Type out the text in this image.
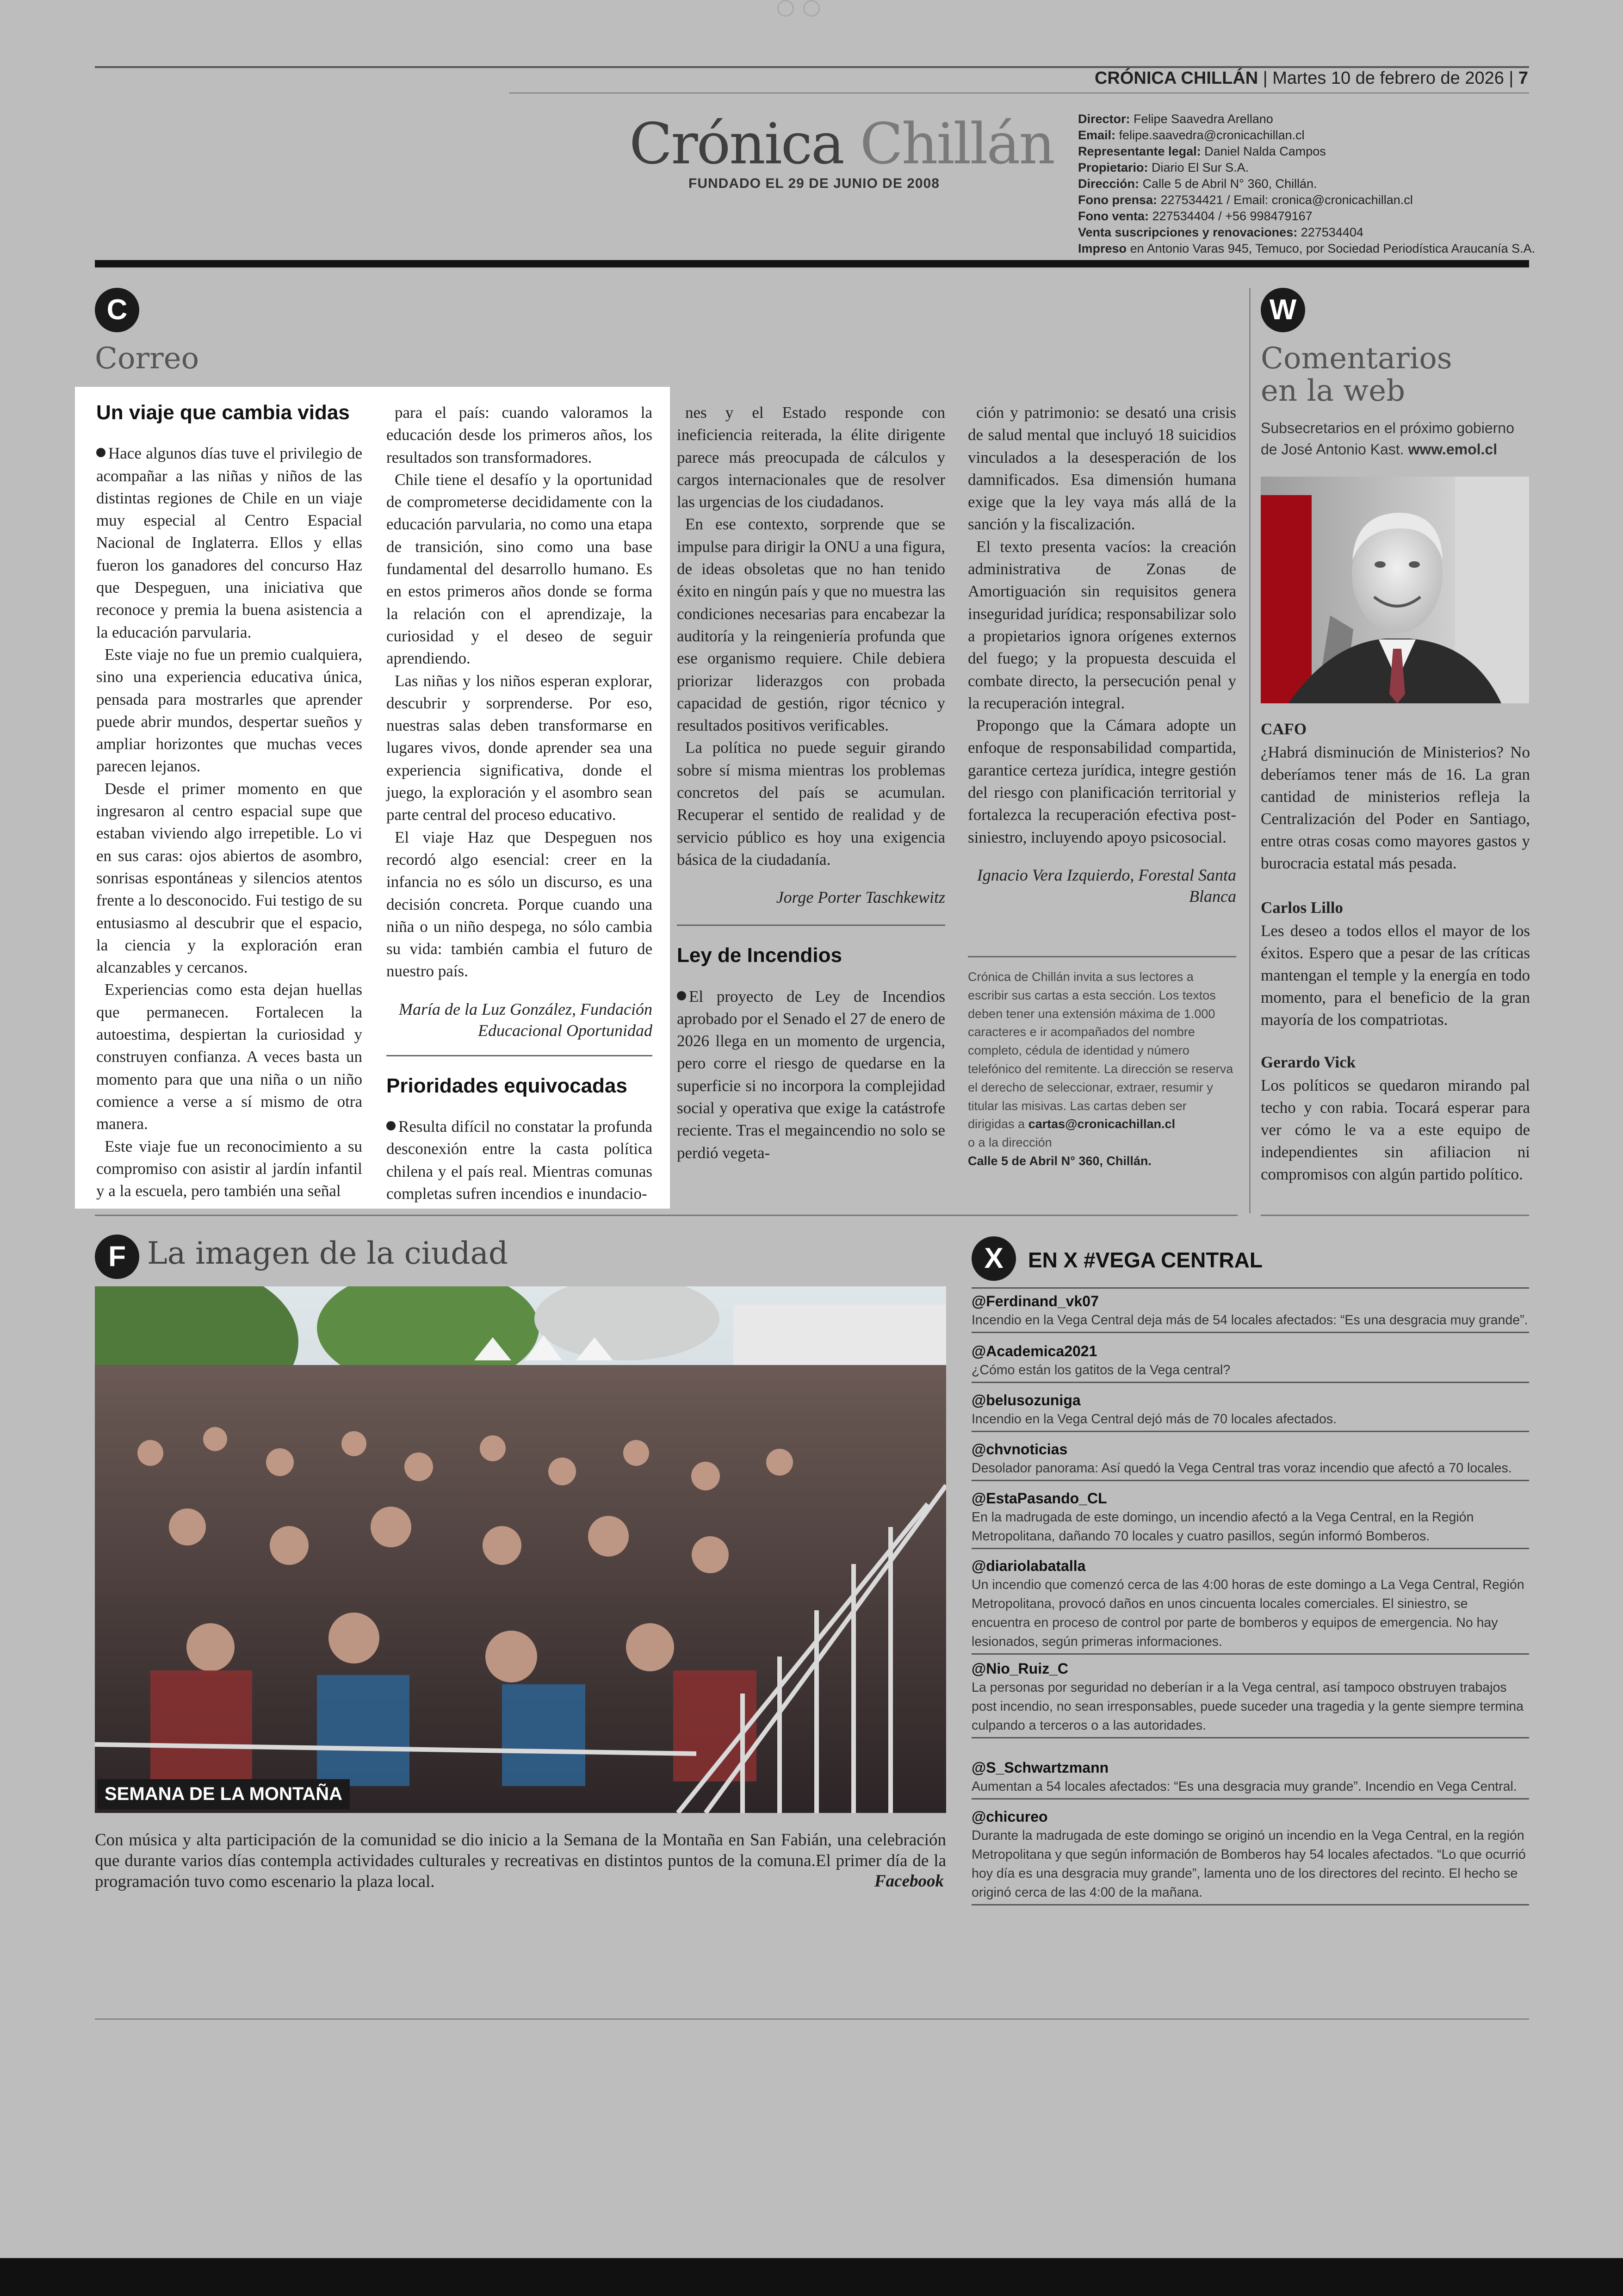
CRÓNICA CHILLÁN | Martes 10 de febrero de 2026 | 7
Crónica Chillán
FUNDADO EL 29 DE JUNIO DE 2008
Director: Felipe Saavedra Arellano
Email: felipe.saavedra@cronicachillan.cl
Representante legal: Daniel Nalda Campos
Propietario: Diario El Sur S.A.
Dirección: Calle 5 de Abril N° 360, Chillán.
Fono prensa: 227534421 / Email: cronica@cronicachillan.cl
Fono venta: 227534404 / +56 998479167
Venta suscripciones y renovaciones: 227534404
Impreso en Antonio Varas 945, Temuco, por Sociedad Periodística Araucanía S.A.
C
Correo
Un viaje que cambia vidas

Hace algunos días tuve el privilegio de acompañar a las niñas y niños de las distintas regiones de Chile en un viaje muy especial al Centro Espacial Nacional de Inglaterra. Ellos y ellas fueron los ganadores del concurso Haz que Despeguen, una iniciativa que reconoce y premia la buena asistencia a la educación parvularia.

Este viaje no fue un premio cualquiera, sino una experiencia educativa única, pensada para mostrarles que aprender puede abrir mundos, despertar sueños y ampliar horizontes que muchas veces parecen lejanos.

Desde el primer momento en que ingresaron al centro espacial supe que estaban viviendo algo irrepetible. Lo vi en sus caras: ojos abiertos de asombro, sonrisas espontáneas y silencios atentos frente a lo desconocido. Fui testigo de su entusiasmo al descubrir que el espacio, la ciencia y la exploración eran alcanzables y cercanos.

Experiencias como esta dejan huellas que permanecen. Fortalecen la autoestima, despiertan la curiosidad y construyen confianza. A veces basta un momento para que una niña o un niño comience a verse a sí mismo de otra manera.

Este viaje fue un reconocimiento a su compromiso con asistir al jardín infantil y a la escuela, pero también una señal

para el país: cuando valoramos la educación desde los primeros años, los resultados son transformadores.

Chile tiene el desafío y la oportunidad de comprometerse decididamente con la educación parvularia, no como una etapa de transición, sino como una base fundamental del desarrollo humano. Es en estos primeros años donde se forma la relación con el aprendizaje, la curiosidad y el deseo de seguir aprendiendo.

Las niñas y los niños esperan explorar, descubrir y sorprenderse. Por eso, nuestras salas deben transformarse en lugares vivos, donde aprender sea una experiencia significativa, donde el juego, la exploración y el asombro sean parte central del proceso educativo.

El viaje Haz que Despeguen nos recordó algo esencial: creer en la infancia no es sólo un discurso, es una decisión concreta. Porque cuando una niña o un niño despega, no sólo cambia su vida: también cambia el futuro de nuestro país.

María de la Luz González, Fundación Educacional Oportunidad
Prioridades equivocadas

Resulta difícil no constatar la profunda desconexión entre la casta política chilena y el país real. Mientras comunas completas sufren incendios e inundacio-

nes y el Estado responde con ineficiencia reiterada, la élite dirigente parece más preocupada de cálculos y cargos internacionales que de resolver las urgencias de los ciudadanos.

En ese contexto, sorprende que se impulse para dirigir la ONU a una figura, de ideas obsoletas que no han tenido éxito en ningún país y que no muestra las condiciones necesarias para encabezar la auditoría y la reingeniería profunda que ese organismo requiere. Chile debiera priorizar liderazgos con probada capacidad de gestión, rigor técnico y resultados positivos verificables.

La política no puede seguir girando sobre sí misma mientras los problemas concretos del país se acumulan. Recuperar el sentido de realidad y de servicio público es hoy una exigencia básica de la ciudadanía.

Jorge Porter Taschkewitz
Ley de Incendios

El proyecto de Ley de Incendios aprobado por el Senado el 27 de enero de 2026 llega en un momento de urgencia, pero corre el riesgo de quedarse en la superficie si no incorpora la complejidad social y operativa que exige la catástrofe reciente. Tras el megaincendio no solo se perdió vegeta-

ción y patrimonio: se desató una crisis de salud mental que incluyó 18 suicidios vinculados a la desesperación de los damnificados. Esa dimensión humana exige que la ley vaya más allá de la sanción y la fiscalización.

El texto presenta vacíos: la creación administrativa de Zonas de Amortiguación sin requisitos genera inseguridad jurídica; responsabilizar solo a propietarios ignora orígenes externos del fuego; y la propuesta descuida el combate directo, la persecución penal y la recuperación integral.

Propongo que la Cámara adopte un enfoque de responsabilidad compartida, garantice certeza jurídica, integre gestión del riesgo con planificación territorial y fortalezca la recuperación efectiva post-siniestro, incluyendo apoyo psicosocial.

Ignacio Vera Izquierdo, Forestal Santa Blanca
Crónica de Chillán invita a sus lectores a escribir sus cartas a esta sección. Los textos deben tener una extensión máxima de 1.000 caracteres e ir acompañados del nombre completo, cédula de identidad y número telefónico del remitente. La dirección se reserva el derecho de seleccionar, extraer, resumir y titular las misivas. Las cartas deben ser dirigidas a cartas@cronicachillan.cl
o a la dirección
Calle 5 de Abril N° 360, Chillán.
W
Comentarios
en la web
Subsecretarios en el próximo gobierno de José Antonio Kast. www.emol.cl
CAFO
¿Habrá disminución de Ministerios? No deberíamos tener más de 16. La gran cantidad de ministerios refleja la Centralización del Poder en Santiago, entre otras cosas como mayores gastos y burocracia estatal más pesada.
Carlos Lillo
Les deseo a todos ellos el mayor de los éxitos. Espero que a pesar de las críticas mantengan el temple y la energía en todo momento, para el beneficio de la gran mayoría de los compatriotas.
Gerardo Vick
Los políticos se quedaron mirando pal techo y con rabia. Tocará esperar para ver cómo le va a este equipo de independientes sin afiliacion ni compromisos con algún partido político.
F La imagen de la ciudad
SEMANA DE LA MONTAÑA
Con música y alta participación de la comunidad se dio inicio a la Semana de la Montaña en San Fabián, una celebración que durante varios días contempla actividades culturales y recreativas en distintos puntos de la comuna.El primer día de la programación tuvo como escenario la plaza local.	Facebook
X	EN X #VEGA CENTRAL
@Ferdinand_vk07
Incendio en la Vega Central deja más de 54 locales afectados: “Es una desgracia muy grande”.
@Academica2021
¿Cómo están los gatitos de la Vega central?
@belusozuniga
Incendio en la Vega Central dejó más de 70 locales afectados.
@chvnoticias
Desolador panorama: Así quedó la Vega Central tras voraz incendio que afectó a 70 locales.
@EstaPasando_CL
En la madrugada de este domingo, un incendio afectó a la Vega Central, en la Región Metropolitana, dañando 70 locales y cuatro pasillos, según informó Bomberos.
@diariolabatalla
Un incendio que comenzó cerca de las 4:00 horas de este domingo a La Vega Central, Región Metropolitana, provocó daños en unos cincuenta locales comerciales. El siniestro, se encuentra en proceso de control por parte de bomberos y equipos de emergencia. No hay lesionados, según primeras informaciones.
@Nio_Ruiz_C
La personas por seguridad no deberían ir a la Vega central, así tampoco obstruyen trabajos post incendio, no sean irresponsables, puede suceder una tragedia y la gente siempre termina culpando a terceros o a las autoridades.
@S_Schwartzmann
Aumentan a 54 locales afectados: “Es una desgracia muy grande”. Incendio en Vega Central.
@chicureo
Durante la madrugada de este domingo se originó un incendio en la Vega Central, en la región Metropolitana y que según información de Bomberos hay 54 locales afectados. “Lo que ocurrió hoy día es una desgracia muy grande”, lamenta uno de los directores del recinto. El hecho se originó cerca de las 4:00 de la mañana.
